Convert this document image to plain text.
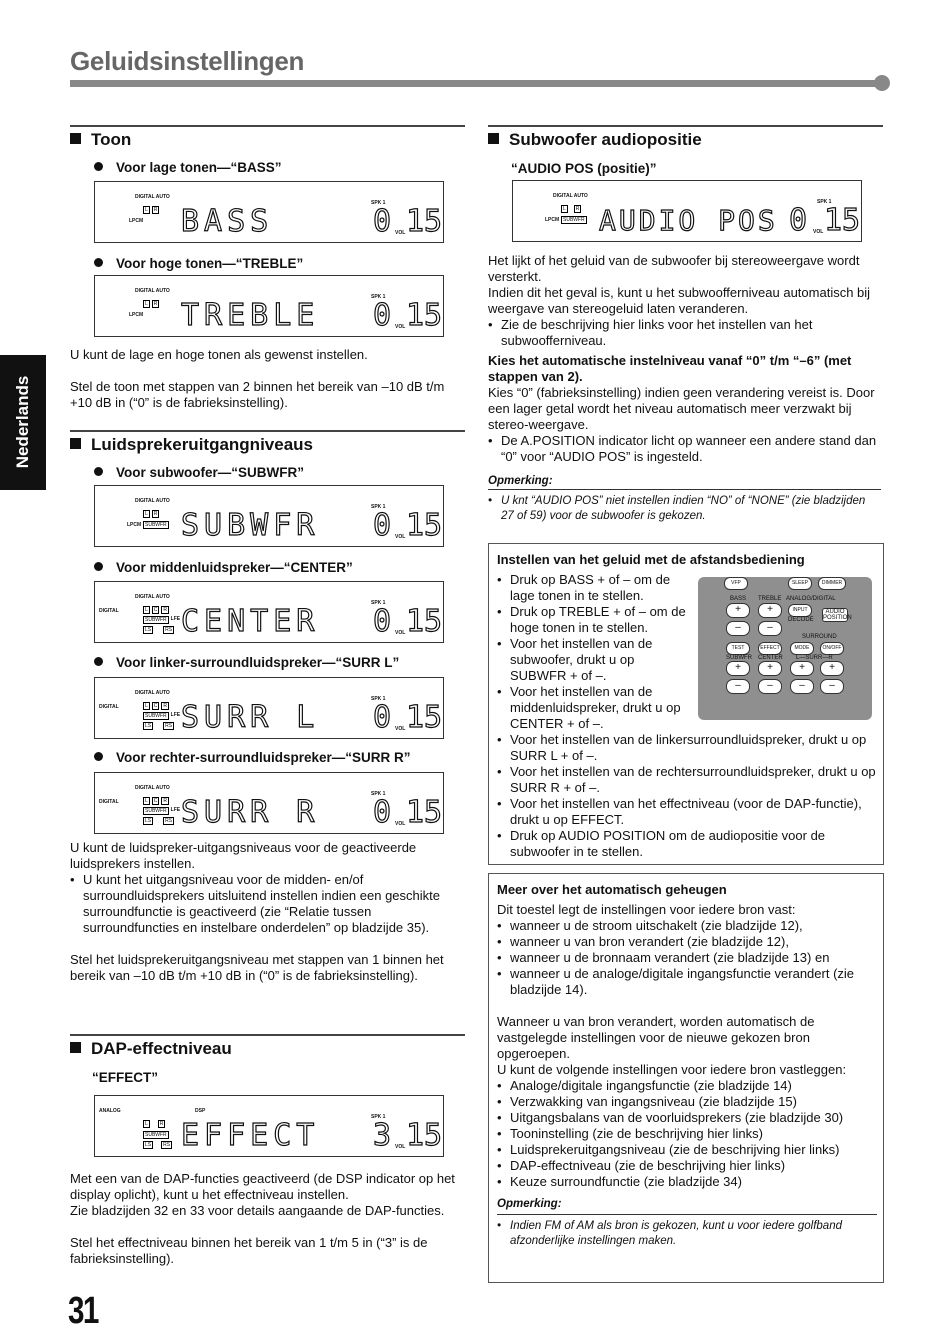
Geluidsinstellingen
Nederlands
31
Toon
Voor lage tonen—“BASS”
DIGITAL AUTO
L	R
LPCM BASS
SPK 1
0 VOL 15
Voor hoge tonen—“TREBLE”
DIGITAL AUTO
L	R
LPCM TREBLE
SPK 1
0 VOL 15

U kunt de lage en hoge tonen als gewenst instellen.

Stel de toon met stappen van 2 binnen het bereik van –10 dB t/m +10 dB in (“0” is de fabrieksinstelling).

Luidsprekeruitgangniveaus
Voor subwoofer—“SUBWFR”
DIGITAL AUTO
L	R
LPCM SUBWFR SUBWFR
SPK 1
0 VOL 15
Voor middenluidspreker—“CENTER”
DIGITAL AUTO
DIGITAL	L	C	R
SUBWFR LFE
LS	RS CENTER
SPK 1
0 VOL 15
Voor linker-surroundluidspreker—“SURR L”
DIGITAL AUTO
DIGITAL	L	C	R
SUBWFR LFE
LS	RS SURR L
SPK 1
0 VOL 15
Voor rechter-surroundluidspreker—“SURR R”
DIGITAL AUTO
DIGITAL	L	C	R
SUBWFR LFE
LS	RS SURR R
SPK 1
0 VOL 15

U kunt de luidspreker-uitgangsniveaus voor de geactiveerde luidsprekers instellen.

• U kunt het uitgangsniveau voor de midden- en/of surroundluidsprekers uitsluitend instellen indien een geschikte surroundfunctie is geactiveerd (zie “Relatie tussen surroundfuncties en instelbare onderdelen” op bladzijde 35).

Stel het luidsprekeruitgangsniveau met stappen van 1 binnen het bereik van –10 dB t/m +10 dB in (“0” is de fabrieksinstelling).

DAP-effectniveau
“EFFECT”
ANALOG	DSP
L	R
SUBWFR
LS	RS EFFECT
SPK 1
3 VOL 15

Met een van de DAP-functies geactiveerd (de DSP indicator op het display oplicht), kunt u het effectniveau instellen.

Zie bladzijden 32 en 33 voor details aangaande de DAP-functies.

Stel het effectniveau binnen het bereik van 1 t/m 5 in (“3” is de fabrieksinstelling).

Subwoofer audiopositie
“AUDIO POS (positie)”
DIGITAL AUTO
L	R
LPCM SUBWFR AUDIO POS
SPK 1
0 VOL 15

Het lijkt of het geluid van de subwoofer bij stereoweergave wordt versterkt.

Indien dit het geval is, kunt u het subwoofferniveau automatisch bij weergave van stereogeluid laten veranderen.

• Zie de beschrijving hier links voor het instellen van het subwoofferniveau.

Kies het automatische instelniveau vanaf “0” t/m “–6” (met stappen van 2).

Kies “0” (fabrieksinstelling) indien geen verandering vereist is. Door een lager getal wordt het niveau automatisch meer verzwakt bij stereo-weergave.

• De A.POSITION indicator licht op wanneer een andere stand dan “0” voor “AUDIO POS” is ingesteld.
Opmerking:
• U knt “AUDIO POS” niet instellen indien “NO” of “NONE” (zie bladzijden 27 of 59) voor de subwoofer is gekozen.
Instellen van het geluid met de afstandsbediening
• Druk op BASS + of – om de lage tonen in te stellen.
• Druk op TREBLE + of – om de hoge tonen in te stellen.
• Voor het instellen van de subwoofer, drukt u op SUBWFR + of –.
• Voor het instellen van de middenluidspreker, drukt u op CENTER + of –.
• Voor het instellen van de linkersurroundluidspreker, drukt u op SURR L + of –.
• Voor het instellen van de rechtersurroundluidspreker, drukt u op SURR R + of –.
• Voor het instellen van het effectniveau (voor de DAP-functie), drukt u op EFFECT.
• Druk op AUDIO POSITION om de audiopositie voor de subwoofer in te stellen.
VFP	SLEEP	DIMMER
BASS TREBLE ANALOG/DIGITAL
+	+	INPUT
DECODE
AUDIO POSITION
–	–
SURROUND
TEST	EFFECT	MODE	ON/OFF
SUBWFR CENTER L—SURR—R
+	+	+	+
–	–	–	–
Meer over het automatisch geheugen

Dit toestel legt de instellingen voor iedere bron vast:

• wanneer u de stroom uitschakelt (zie bladzijde 12),
• wanneer u van bron verandert (zie bladzijde 12),
• wanneer u de bronnaam verandert (zie bladzijde 13) en
• wanneer u de analoge/digitale ingangsfunctie verandert (zie bladzijde 14).

Wanneer u van bron verandert, worden automatisch de vastgelegde instellingen voor de nieuwe gekozen bron opgeroepen.

U kunt de volgende instellingen voor iedere bron vastleggen:

• Analoge/digitale ingangsfunctie (zie bladzijde 14)
• Verzwakking van ingangsniveau (zie bladzijde 15)
• Uitgangsbalans van de voorluidsprekers (zie bladzijde 30)
• Tooninstelling (zie de beschrijving hier links)
• Luidsprekeruitgangsniveau (zie de beschrijving hier links)
• DAP-effectniveau (zie de beschrijving hier links)
• Keuze surroundfunctie (zie bladzijde 34)
Opmerking:
• Indien FM of AM als bron is gekozen, kunt u voor iedere golfband afzonderlijke instellingen maken.
